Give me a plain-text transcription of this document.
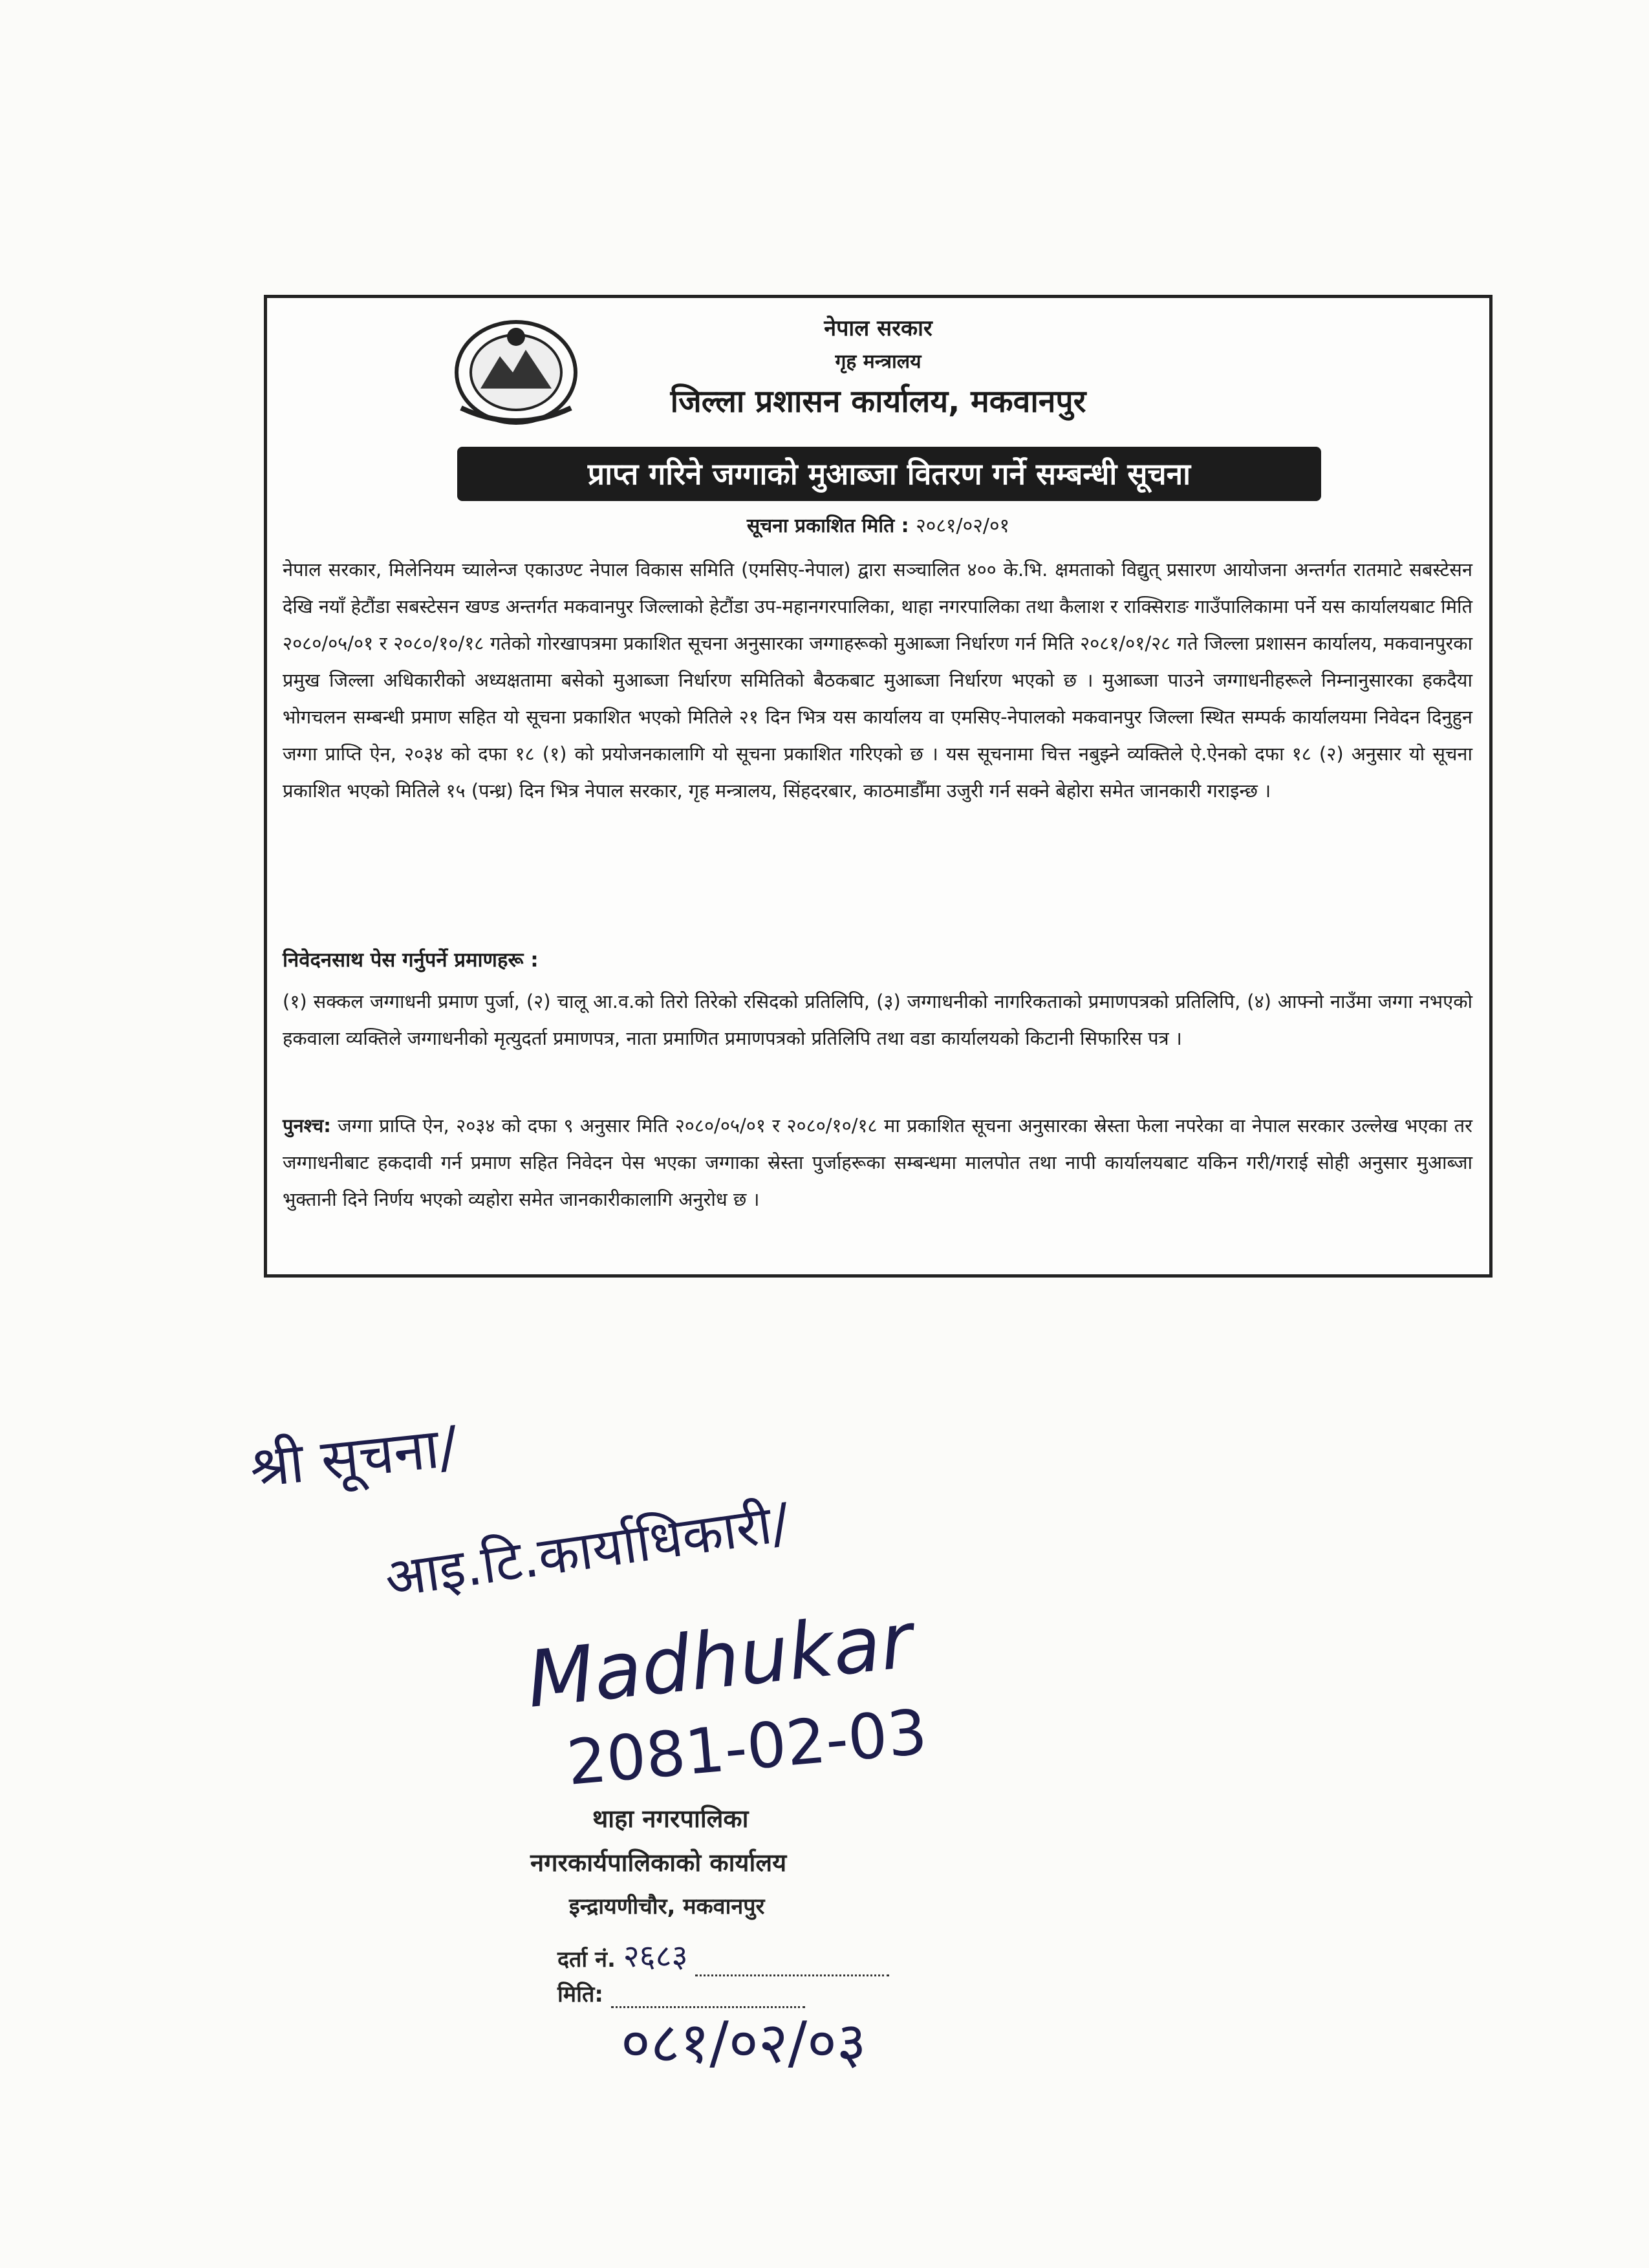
नेपाल सरकार
गृह मन्त्रालय
जिल्ला प्रशासन कार्यालय, मकवानपुर
प्राप्त गरिने जग्गाको मुआब्जा वितरण गर्ने सम्बन्धी सूचना
सूचना प्रकाशित मिति : २०८१/०२/०१

नेपाल सरकार, मिलेनियम च्यालेन्ज एकाउण्ट नेपाल विकास समिति (एमसिए-नेपाल) द्वारा सञ्चालित ४०० के.भि. क्षमताको विद्युत् प्रसारण आयोजना अन्तर्गत रातमाटे सबस्टेसन देखि नयाँ हेटौंडा सबस्टेसन खण्ड अन्तर्गत मकवानपुर जिल्लाको हेटौंडा उप-महानगरपालिका, थाहा नगरपालिका तथा कैलाश र राक्सिराङ गाउँपालिकामा पर्ने यस कार्यालयबाट मिति २०८०/०५/०१ र २०८०/१०/१८ गतेको गोरखापत्रमा प्रकाशित सूचना अनुसारका जग्गाहरूको मुआब्जा निर्धारण गर्न मिति २०८१/०१/२८ गते जिल्ला प्रशासन कार्यालय, मकवानपुरका प्रमुख जिल्ला अधिकारीको अध्यक्षतामा बसेको मुआब्जा निर्धारण समितिको बैठकबाट मुआब्जा निर्धारण भएको छ । मुआब्जा पाउने जग्गाधनीहरूले निम्नानुसारका हकदैया भोगचलन सम्बन्धी प्रमाण सहित यो सूचना प्रकाशित भएको मितिले २१ दिन भित्र यस कार्यालय वा एमसिए-नेपालको मकवानपुर जिल्ला स्थित सम्पर्क कार्यालयमा निवेदन दिनुहुन जग्गा प्राप्ति ऐन, २०३४ को दफा १८ (१) को प्रयोजनकालागि यो सूचना प्रकाशित गरिएको छ । यस सूचनामा चित्त नबुझ्ने व्यक्तिले ऐ.ऐनको दफा १८ (२) अनुसार यो सूचना प्रकाशित भएको मितिले १५ (पन्ध्र) दिन भित्र नेपाल सरकार, गृह मन्त्रालय, सिंहदरबार, काठमाडौँमा उजुरी गर्न सक्ने बेहोरा समेत जानकारी गराइन्छ ।

निवेदनसाथ पेस गर्नुपर्ने प्रमाणहरू :

(१) सक्कल जग्गाधनी प्रमाण पुर्जा, (२) चालू आ.व.को तिरो तिरेको रसिदको प्रतिलिपि, (३) जग्गाधनीको नागरिकताको प्रमाणपत्रको प्रतिलिपि, (४) आफ्नो नाउँमा जग्गा नभएको हकवाला व्यक्तिले जग्गाधनीको मृत्युदर्ता प्रमाणपत्र, नाता प्रमाणित प्रमाणपत्रको प्रतिलिपि तथा वडा कार्यालयको किटानी सिफारिस पत्र ।

पुनश्च: जग्गा प्राप्ति ऐन, २०३४ को दफा ९ अनुसार मिति २०८०/०५/०१ र २०८०/१०/१८ मा प्रकाशित सूचना अनुसारका स्रेस्ता फेला नपरेका वा नेपाल सरकार उल्लेख भएका तर जग्गाधनीबाट हकदावी गर्न प्रमाण सहित निवेदन पेस भएका जग्गाका स्रेस्ता पुर्जाहरूका सम्बन्धमा मालपोत तथा नापी कार्यालयबाट यकिन गरी/गराई सोही अनुसार मुआब्जा भुक्तानी दिने निर्णय भएको व्यहोरा समेत जानकारीकालागि अनुरोध छ ।

श्री सूचना/
आइ.टि.कार्याधिकारी/
Madhukar
2081-02-03
०८१/०२/०३
थाहा नगरपालिका
नगरकार्यपालिकाको कार्यालय
इन्द्रायणीचौर, मकवानपुर
दर्ता नं. २६८३
मिति:
